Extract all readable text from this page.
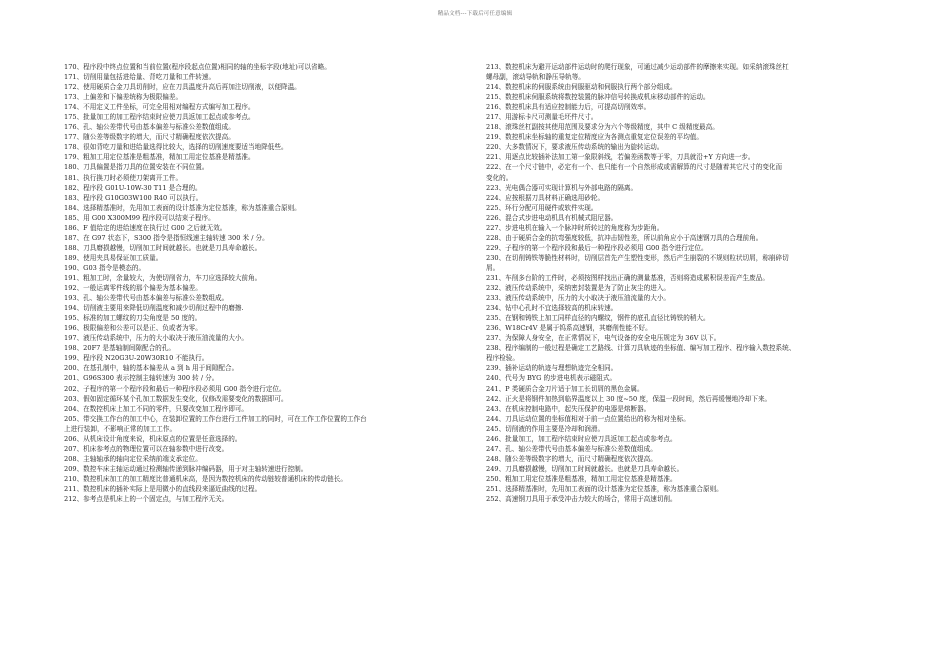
精品文档---下载后可任意编辑
170、程序段中终点位置和当前位置(程序段起点位置)相同的轴的坐标字段(地址)可以省略。
171、切削用量包括进给量、背吃刀量和工件转速。
172、使用硬质合金刀具切削时，应在刀具温度升高后再加注切削液，以便降温。
173、上偏差和下偏差统称为极限偏差。
174、不用定义工件坐标，可完全用相对编程方式编写加工程序。
175、批量加工的加工程序结束时应使刀具返加工起点或参考点。
176、孔、轴公差带代号由基本偏差与标准公差数值组成。
177、随公差等级数字的增大，而尺寸精确程度依次提高。
178、很如背吃刀量和进给量选得比较大，选择的切削速度要适当地降低些。
179、粗加工用定位基准是粗基准，精加工用定位基准是精基准。
180、刀具偏置是指刀具的位置安装在不同位置。
181、执行换刀时必须使刀架离开工件。
182、程序段 G01U-10W-30 T11 是合理的。
183、程序段 G10G03W100 R40 可以执行。
184、选择精基准时，先用加工表面的设计基准为定位基准，称为基准重合原则。
185、用 G00 X300M99 程序段可以结束子程序。
186、F 值给定的进给速度在执行过 G00 之后就无效。
187、在 G97 状态下，S300 指令是指恒线速主轴转速 300 米 / 分。
188、刀具磨损越慢，切削加工时间就越长。也就是刀具寿命越长。
189、使用夹具易保证加工质量。
190、G03 指令是模态的。
191、粗加工时，余量较大，为使切削省力，车刀应选择较大前角。
192、一般运离零件线的那个偏差为基本偏差。
193、孔、轴公差带代号由基本偏差与标准公差数组成。
194、切削液主要用来降低切削温度和减少切削过程中的磨擦.
195、标准的加工螺纹的刀尖角度是 50 度的。
196、极限偏差和公差可以是正、负或者为零。
197、液压传动系统中，压力的大小取决于液压油流量的大小。
198、20F7 是基轴制间隙配合的孔。
199、程序段 N20G3U-20W30R10 不能执行。
200、在基孔制中，轴的基本偏差从 a 到 h 用于间隙配合。
201、G96S300 表示控制主轴转速为 300 转 / 分。
202、子程序的第一个程序段和最后一种程序段必须用 G00 指令进行定位。
203、假如固定循环某个孔加工数据发生变化，仅修改需要变化的数据即可。
204、在数控机床上加工不同的零件，只要改变加工程序即可。
205、带交换工作台的加工中心，在装卸位置的工作台进行工件加工的同时，可在工作工作位置的工作台
上进行装卸，不影响正常的加工工作。
206、从机床设计角度来说，机床原点的位置是任意选择的。
207、机床参考点的物理位置可以在轴参数中进行改变。
208、主轴轴承的轴向定位采纳前端支承定位。
209、数控车床主轴运动通过检测轴传递到脉冲编码器，用于对主轴转速进行控制。
210、数控机床加工的加工精度比普通机床高，是因为数控机床的传动链较普通机床的传动链长。
211、数控机床的插补实际上是用微小的直线段来逼近曲线的过程。
212、参考点是机床上的一个固定点，与加工程序无关。
213、数控机床为避开运动部件运动时的爬行现象，可通过减少运动部件的摩擦来实现。如采纳滚珠丝杠
螺母副，滚动导轨和静压导轨等。
214、数控机床的伺服系统由伺服驱动和伺服执行两个部分组成。
215、数控机床伺服系统将数控装置的脉冲信号转换成机床移动部件的运动。
216、数控机床具有适应控制能力后，可提高切削效率。
217、用游标卡尺可测量毛坯件尺寸。
218、滚珠丝杠副按其使用范围及要求分为六个等级精度，其中 C 级精度最高。
219、数控机床坐标轴的重复定位精度应为各测点重复定位误差的平均值。
220、大多数情况下，要求液压传动系统的输出为旋转运动。
221、用逐点比较插补法加工第一象限斜线，若偏差函数等于零，刀具就沿+Y 方向进一步。
222、在一个尺寸链中，必定有一个、也只能有一个自然形成或需解算的尺寸是随着其它尺寸的变化而
变化的。
223、光电偶合器可实现计算机与外部电路的隔离。
224、应按根据刀具材料正确选用砂轮。
225、环行分配可用硬件或软件实现。
226、混合式步进电动机具有机械式阻尼器。
227、步进电机在输入一个脉冲时所转过的角度称为步距角。
228、由于硬质合金的抗弯强度较低，抗冲击韧性差，所以前角应小于高速钢刀具的合理前角。
229、子程序的第一个程序段和最后一种程序段必须用 G00 指令进行定位。
230、在切削铸铁等脆性材料时，切削层首先产生塑性变形，然后产生崩裂的不规则粒状切屑，称崩碎切
屑。
231、车削多台阶的工件时，必须按图样找出正确的测量基准，否则将造成累积误差而产生废品。
232、液压传动系统中，采纳密封装置是为了防止灰尘的进入。
233、液压传动系统中，压力的大小取决于液压油流量的大小。
234、钻中心孔时不宜选择较高的机床转速。
235、在钢和铸铁上加工同样直径的内螺纹，钢件的底孔直径比铸铁的稍大。
236、W18Cr4V 是属于钨系高速钢，其磨削性能不好。
237、为保障人身安全，在正常情况下，电气设备的安全电压规定为 36V 以下。
238、程序编制的一般过程是确定工艺路线、计算刀具轨迹的坐标值、编写加工程序、程序输入数控系统、
程序检验。
239、插补运动的轨迹与理想轨迹完全相同。
240、代号为 BYG 的步进电机表示磁阻式。
241、P 类硬质合金刀片适于加工长切屑的黑色金属。
242、正火是将钢件加热到临界温度以上 30 度~50 度，保温一段时间，然后再缓慢地冷却下来。
243、在机床控制电路中，起失压保护的电器是熔断器。
244、刀具运动位置的坐标值相对于前一点位置给出的称为相对坐标。
245、切削液的作用主要是冷却和润滑。
246、批量加工，加工程序结束时应使刀具返加工起点或参考点。
247、孔、轴公差带代号由基本偏差与标准公差数值组成。
248、随公差等级数字的增大，而尺寸精确程度依次提高。
249、刀具磨损越慢，切削加工时间就越长。也就是刀具寿命越长。
250、粗加工用定位基准是粗基准，精加工用定位基准是精基准。
251、选择精基准时，先用加工表面的设计基准为定位基准，称为基准重合原则。
252、高速钢刀具用于承受冲击力较大的场合，常用于高速切削。
